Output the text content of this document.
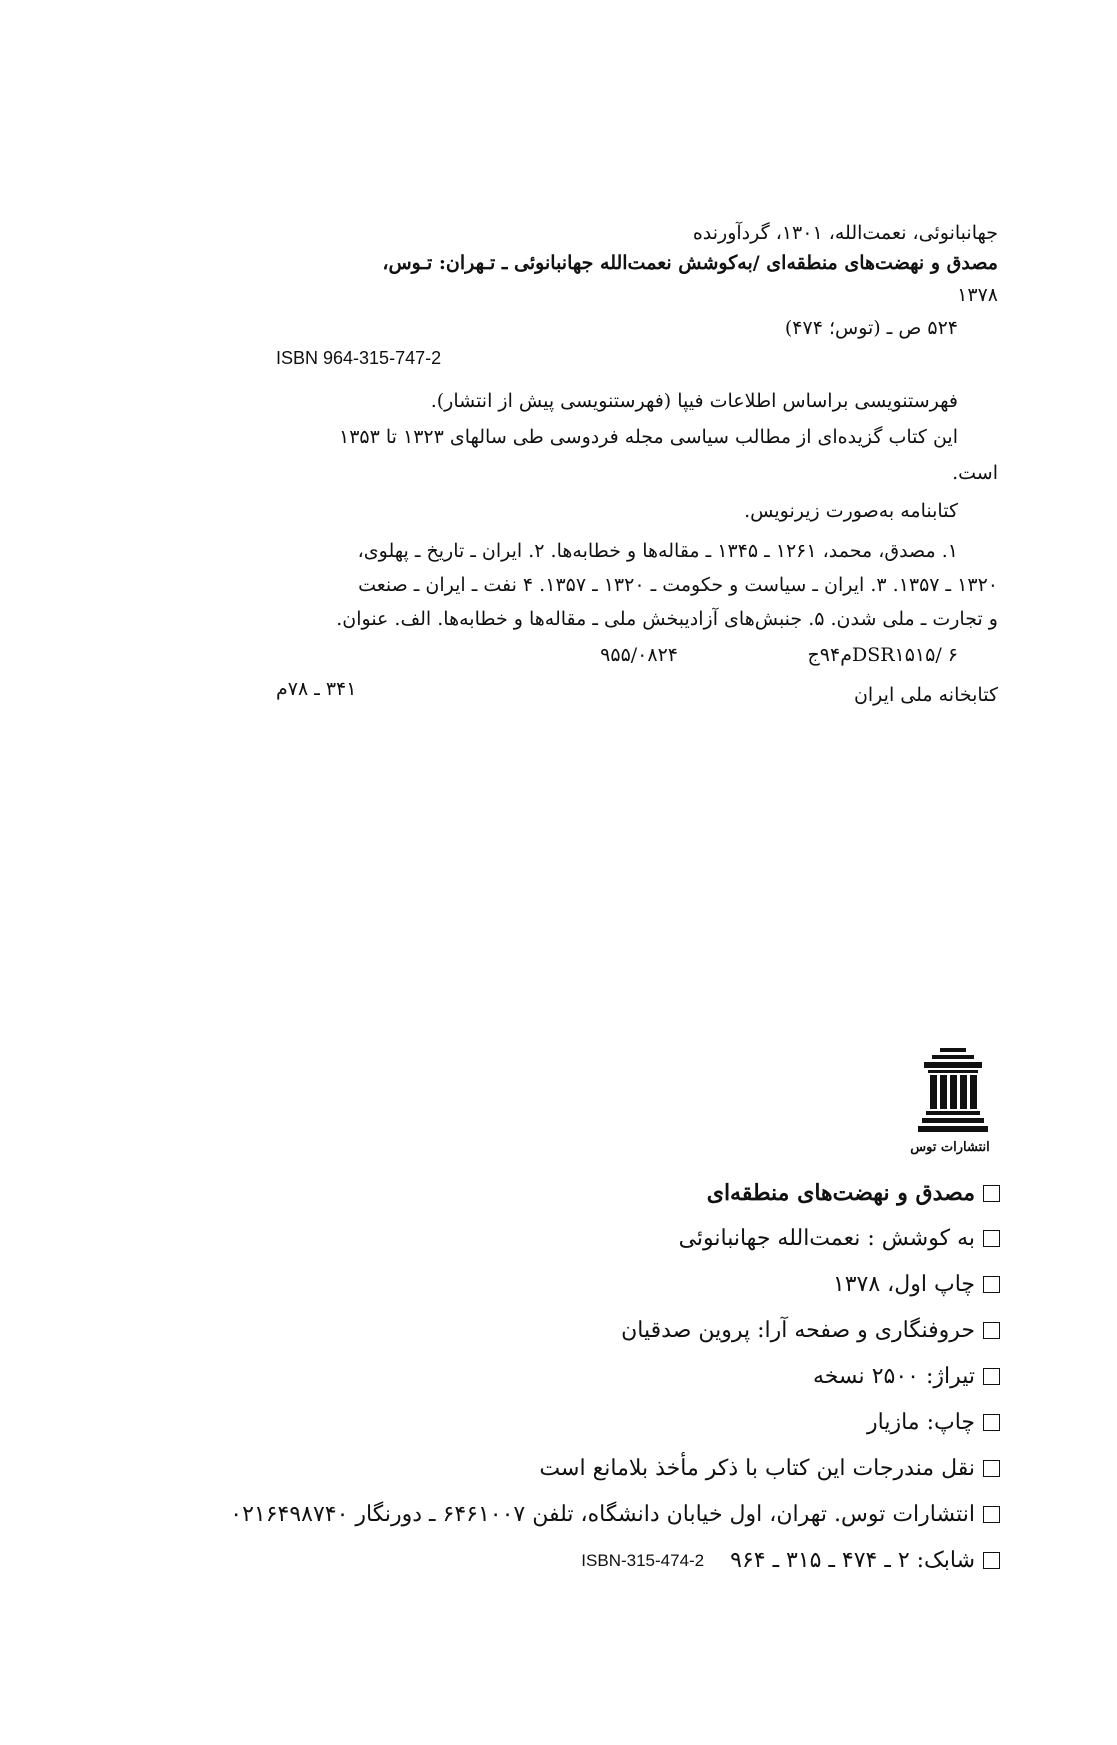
جهانبانوئی، نعمت‌الله، ۱۳۰۱، گردآورنده
مصدق و نهضت‌های منطقه‌ای /به‌کوشش نعمت‌الله جهانبانوئی ـ تـهران: تـوس،
۱۳۷۸
۵۲۴ ص ـ (توس؛ ۴۷۴)
ISBN 964-315-747-2
فهرستنویسی براساس اطلاعات فیپا (فهرستنویسی پیش از انتشار).
این کتاب گزیده‌ای از مطالب سیاسی مجله فردوسی طی سالهای ۱۳۲۳ تا ۱۳۵۳
است.
کتابنامه به‌صورت زیرنویس.
۱. مصدق، محمد، ۱۲۶۱ ـ ۱۳۴۵ ـ مقاله‌ها و خطابه‌ها. ۲. ایران ـ تاریخ ـ پهلوی،
۱۳۲۰ ـ ۱۳۵۷. ۳. ایران ـ سیاست و حکومت ـ ۱۳۲۰ ـ ۱۳۵۷. ۴ نفت ـ ایران ـ صنعت
و تجارت ـ ملی شدن. ۵. جنبش‌های آزادیبخش ملی ـ مقاله‌ها و خطابه‌ها. الف. عنوان.
DSR۱۵۱۵/ ۶م۹۴ج
۹۵۵/۰۸۲۴
کتابخانه ملی ایران
۳۴۱ ـ ۷۸م
انتشارات توس
مصدق و نهضت‌های منطقه‌ای
به کوشش : نعمت‌الله جهانبانوئی
چاپ اول، ۱۳۷۸
حروفنگاری و صفحه آرا: پروین صدقیان
تیراژ: ۲۵۰۰ نسخه
چاپ: مازیار
نقل مندرجات این کتاب با ذکر مأخذ بلامانع است
انتشارات توس. تهران، اول خیابان دانشگاه، تلفن ۶۴۶۱۰۰۷ ـ دورنگار ۰۲۱۶۴۹۸۷۴۰
شابک: ۲ ـ ۴۷۴ ـ ۳۱۵ ـ ۹۶۴
ISBN-315-474-2
